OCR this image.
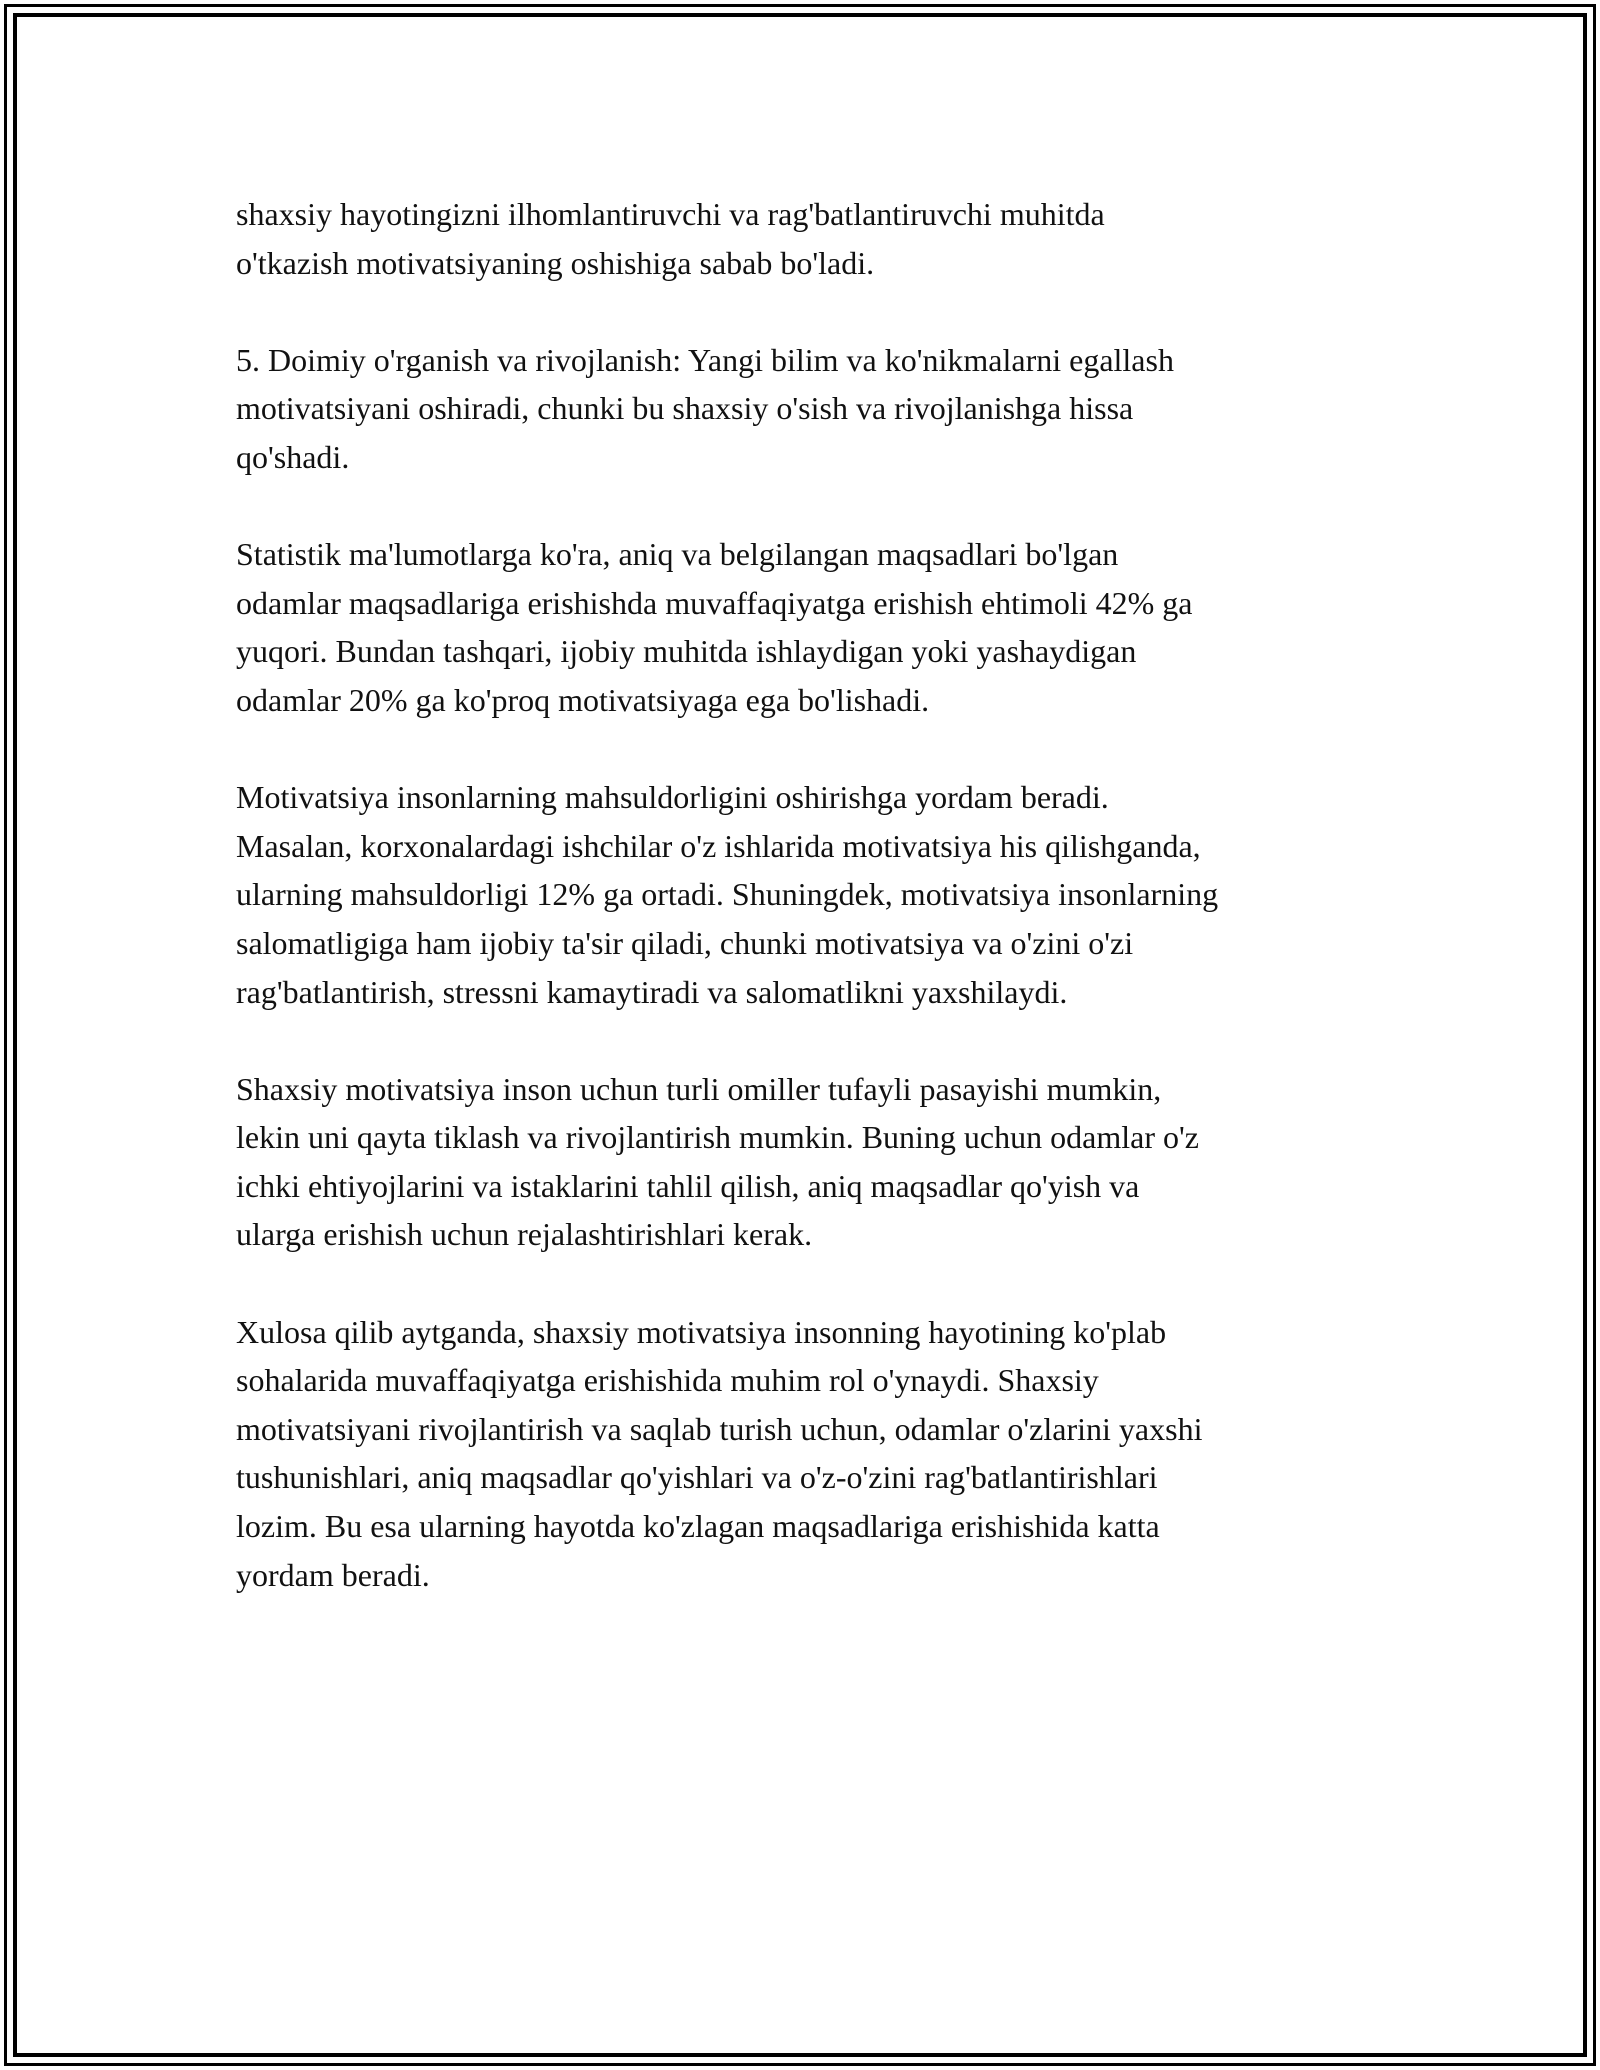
shaxsiy hayotingizni ilhomlantiruvchi va rag'batlantiruvchi muhitda
o'tkazish motivatsiyaning oshishiga sabab bo'ladi.

5. Doimiy o'rganish va rivojlanish: Yangi bilim va ko'nikmalarni egallash
motivatsiyani oshiradi, chunki bu shaxsiy o'sish va rivojlanishga hissa
qo'shadi.

Statistik ma'lumotlarga ko'ra, aniq va belgilangan maqsadlari bo'lgan
odamlar maqsadlariga erishishda muvaffaqiyatga erishish ehtimoli 42% ga
yuqori. Bundan tashqari, ijobiy muhitda ishlaydigan yoki yashaydigan
odamlar 20% ga ko'proq motivatsiyaga ega bo'lishadi.

Motivatsiya insonlarning mahsuldorligini oshirishga yordam beradi.
Masalan, korxonalardagi ishchilar o'z ishlarida motivatsiya his qilishganda,
ularning mahsuldorligi 12% ga ortadi. Shuningdek, motivatsiya insonlarning
salomatligiga ham ijobiy ta'sir qiladi, chunki motivatsiya va o'zini o'zi
rag'batlantirish, stressni kamaytiradi va salomatlikni yaxshilaydi.

Shaxsiy motivatsiya inson uchun turli omiller tufayli pasayishi mumkin,
lekin uni qayta tiklash va rivojlantirish mumkin. Buning uchun odamlar o'z
ichki ehtiyojlarini va istaklarini tahlil qilish, aniq maqsadlar qo'yish va
ularga erishish uchun rejalashtirishlari kerak.

Xulosa qilib aytganda, shaxsiy motivatsiya insonning hayotining ko'plab
sohalarida muvaffaqiyatga erishishida muhim rol o'ynaydi. Shaxsiy
motivatsiyani rivojlantirish va saqlab turish uchun, odamlar o'zlarini yaxshi
tushunishlari, aniq maqsadlar qo'yishlari va o'z-o'zini rag'batlantirishlari
lozim. Bu esa ularning hayotda ko'zlagan maqsadlariga erishishida katta
yordam beradi.
